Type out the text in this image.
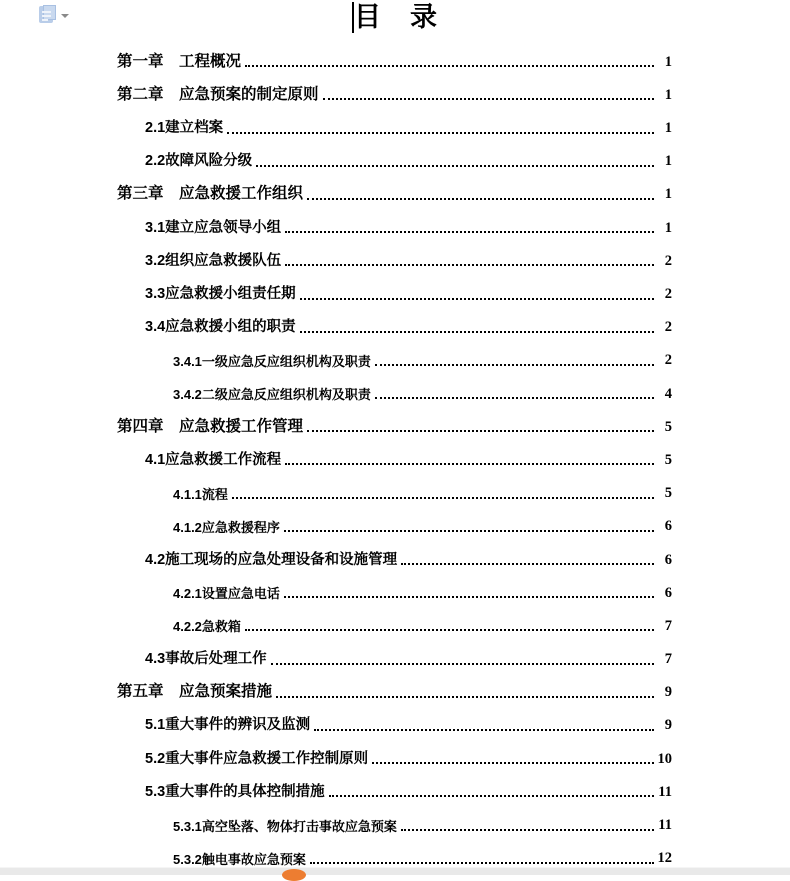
目　录
第一章　工程概况	1
第二章　应急预案的制定原则	1
2.1建立档案	1
2.2故障风险分级	1
第三章　应急救援工作组织	1
3.1建立应急领导小组	1
3.2组织应急救援队伍	2
3.3应急救援小组责任期	2
3.4应急救援小组的职责	2
3.4.1一级应急反应组织机构及职责	2
3.4.2二级应急反应组织机构及职责	4
第四章　应急救援工作管理	5
4.1应急救援工作流程	5
4.1.1流程	5
4.1.2应急救援程序	6
4.2施工现场的应急处理设备和设施管理	6
4.2.1设置应急电话	6
4.2.2急救箱	7
4.3事故后处理工作	7
第五章　应急预案措施	9
5.1重大事件的辨识及监测	9
5.2重大事件应急救援工作控制原则	10
5.3重大事件的具体控制措施	11
5.3.1高空坠落、物体打击事故应急预案	11
5.3.2触电事故应急预案	12
